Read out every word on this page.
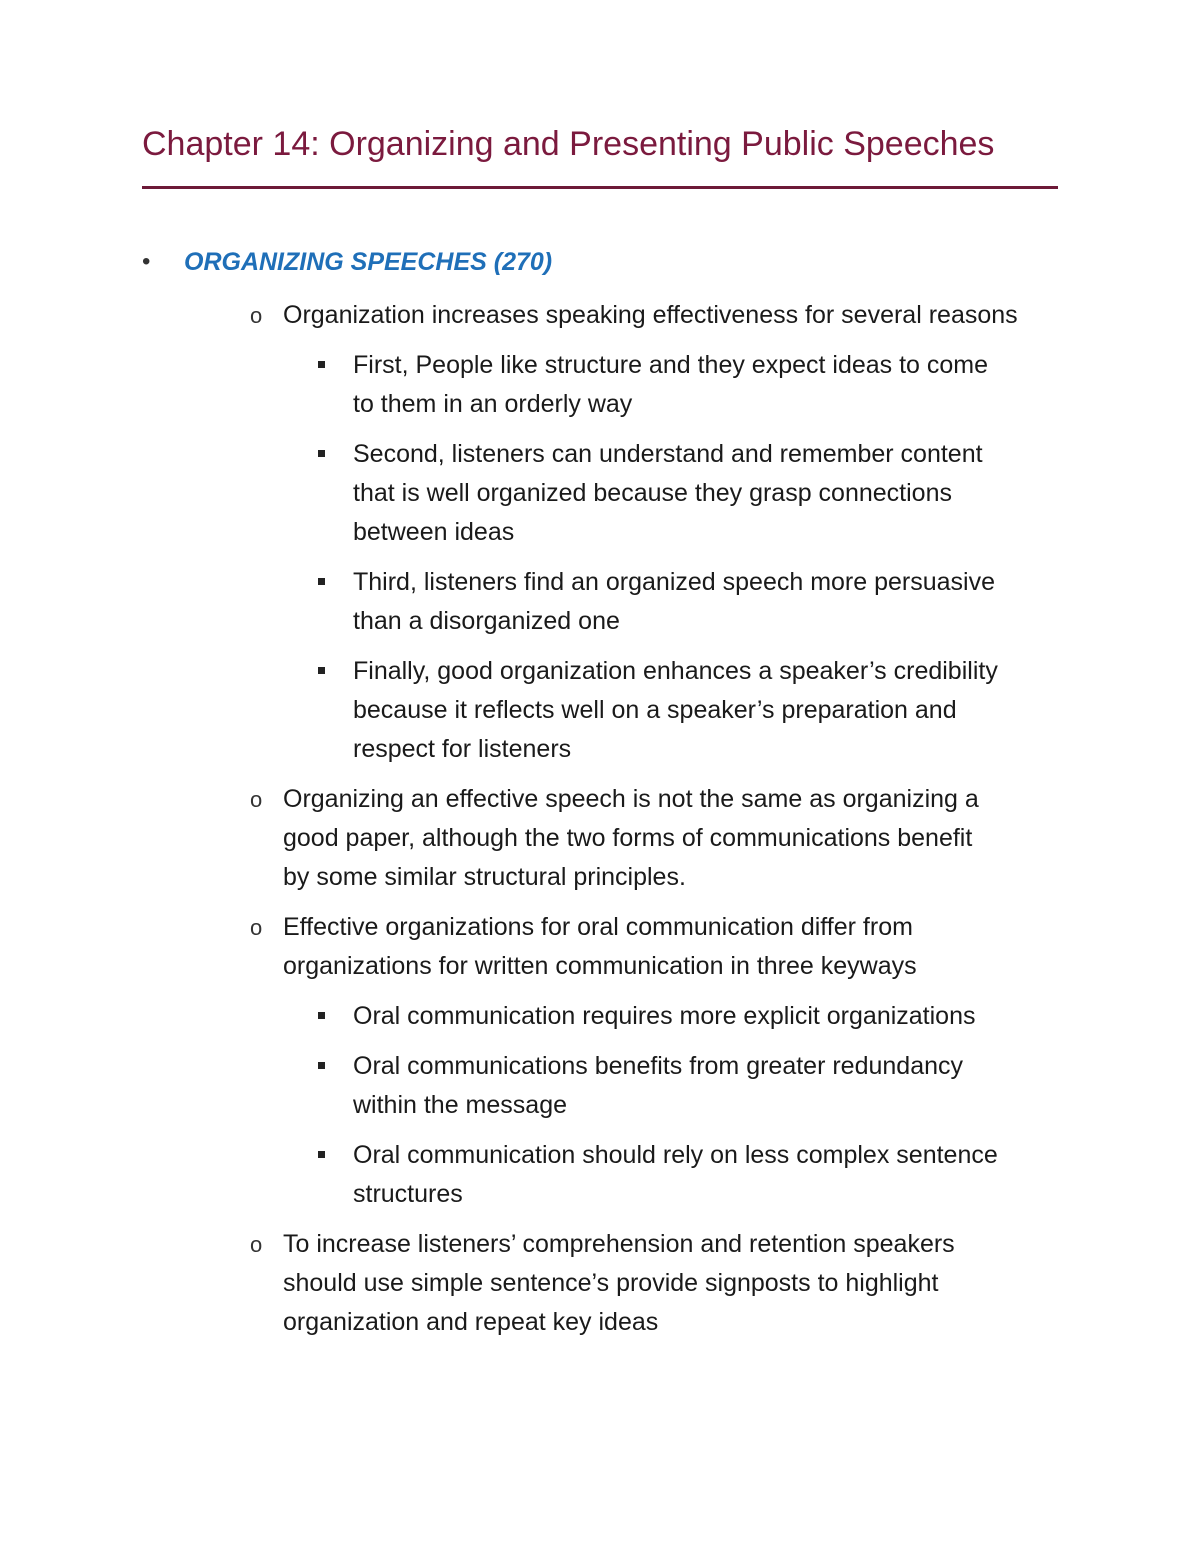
Chapter 14: Organizing and Presenting Public Speeches
• ORGANIZING SPEECHES (270)
o Organization increases speaking effectiveness for several reasons
First, People like structure and they expect ideas to come
to them in an orderly way
Second, listeners can understand and remember content
that is well organized because they grasp connections
between ideas
Third, listeners find an organized speech more persuasive
than a disorganized one
Finally, good organization enhances a speaker’s credibility
because it reflects well on a speaker’s preparation and
respect for listeners
o Organizing an effective speech is not the same as organizing a
good paper, although the two forms of communications benefit
by some similar structural principles.
o Effective organizations for oral communication differ from
organizations for written communication in three keyways
Oral communication requires more explicit organizations
Oral communications benefits from greater redundancy
within the message
Oral communication should rely on less complex sentence
structures
o To increase listeners’ comprehension and retention speakers
should use simple sentence’s provide signposts to highlight
organization and repeat key ideas
